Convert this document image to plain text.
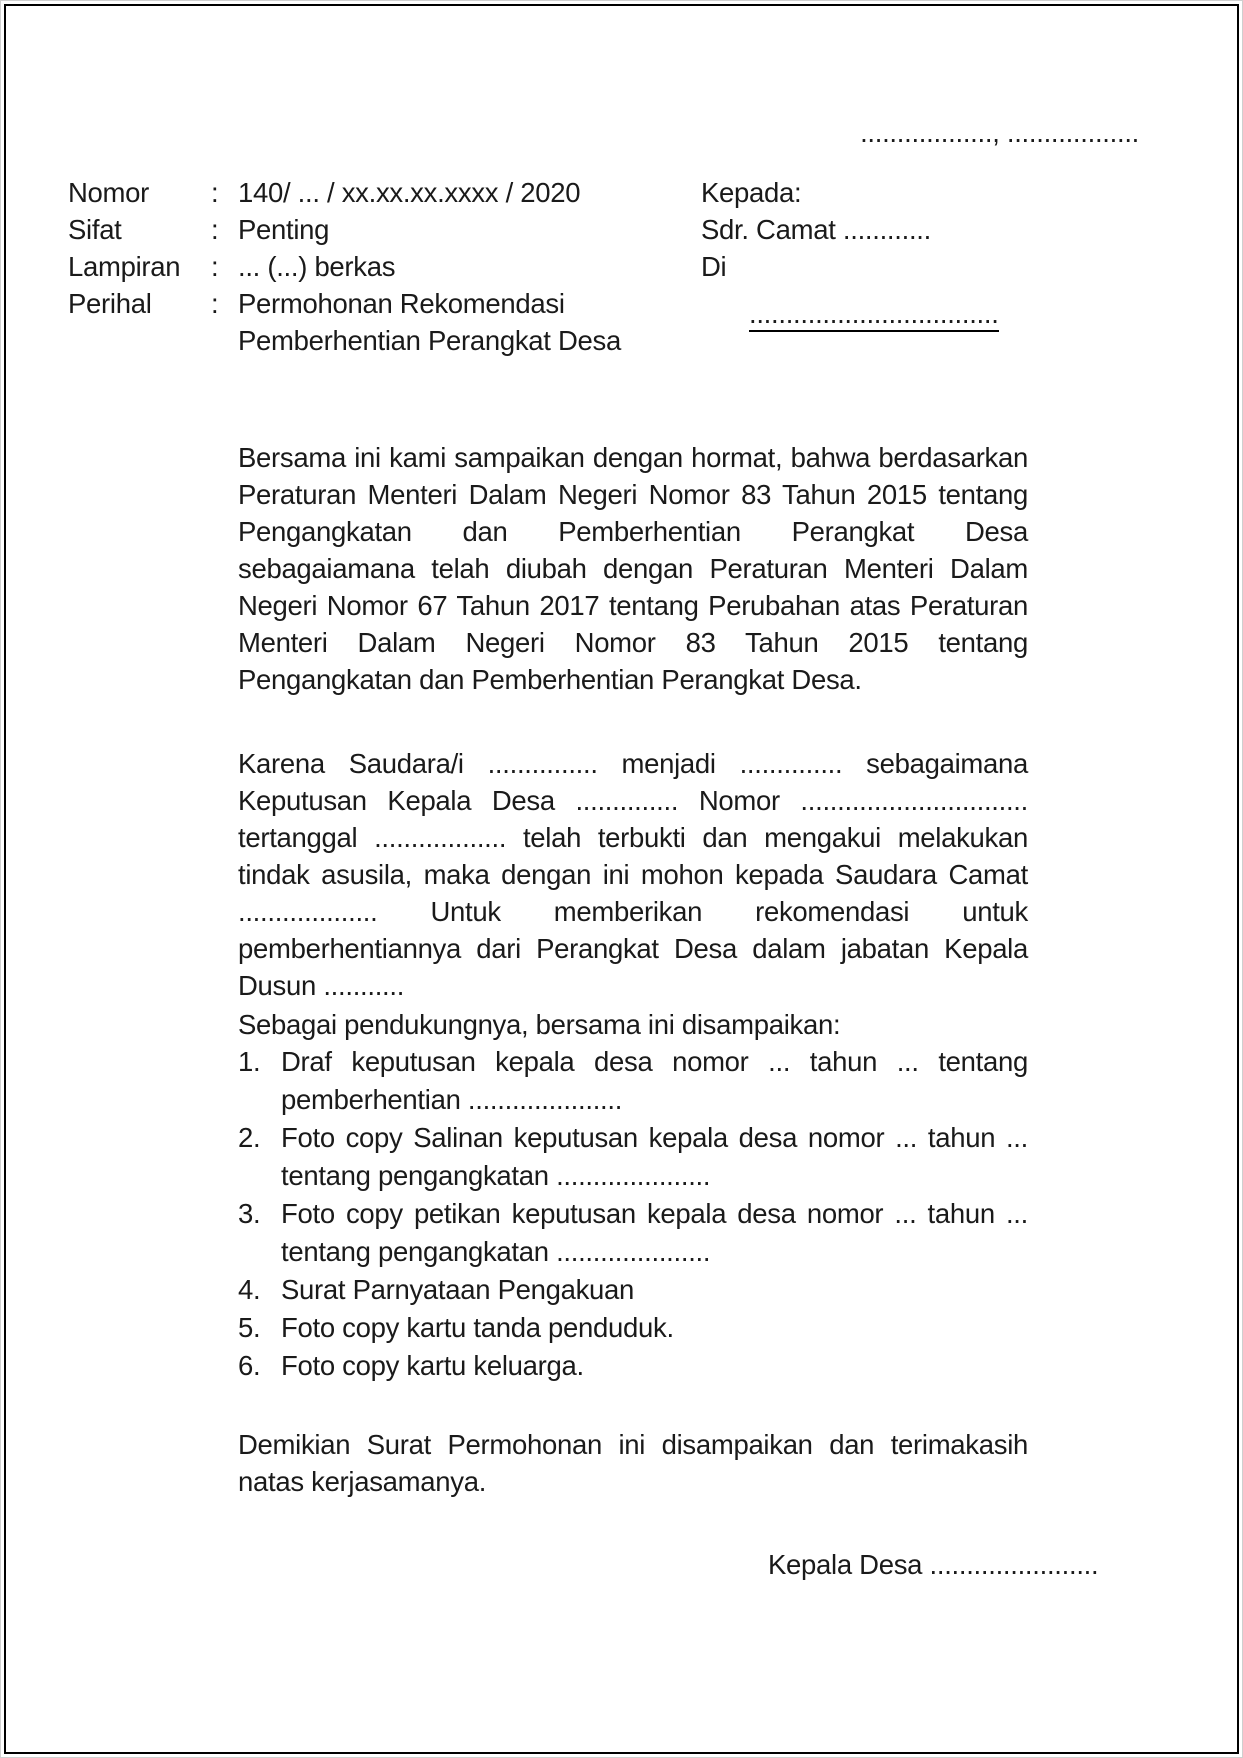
.................., ..................
Nomor	: 140/ ... / xx.xx.xx.xxxx / 2020
Sifat	: Penting
Lampiran	: ... (...) berkas
Perihal	: Permohonan Rekomendasi
Pemberhentian Perangkat Desa
Kepada:
Sdr. Camat ............
Di
..................................
Bersama ini kami sampaikan dengan hormat, bahwa berdasarkan Peraturan Menteri Dalam Negeri Nomor 83 Tahun 2015 tentang Pengangkatan dan Pemberhentian Perangkat Desa sebagaiamana telah diubah dengan Peraturan Menteri Dalam Negeri Nomor 67 Tahun 2017 tentang Perubahan atas Peraturan Menteri Dalam Negeri Nomor 83 Tahun 2015 tentang Pengangkatan dan Pemberhentian Perangkat Desa.
Karena Saudara/i ............... menjadi .............. sebagaimana Keputusan Kepala Desa .............. Nomor ............................... tertanggal .................. telah terbukti dan mengakui melakukan tindak asusila, maka dengan ini mohon kepada Saudara Camat ................... Untuk memberikan rekomendasi untuk pemberhentiannya dari Perangkat Desa dalam jabatan Kepala Dusun ...........
Sebagai pendukungnya, bersama ini disampaikan:
1. Draf keputusan kepala desa nomor ... tahun ... tentang pemberhentian .....................
2. Foto copy Salinan keputusan kepala desa nomor ... tahun ... tentang pengangkatan .....................
3. Foto copy petikan keputusan kepala desa nomor ... tahun ... tentang pengangkatan .....................
4. Surat Parnyataan Pengakuan
5. Foto copy kartu tanda penduduk.
6. Foto copy kartu keluarga.
Demikian Surat Permohonan ini disampaikan dan terimakasih natas kerjasamanya.
Kepala Desa .......................
